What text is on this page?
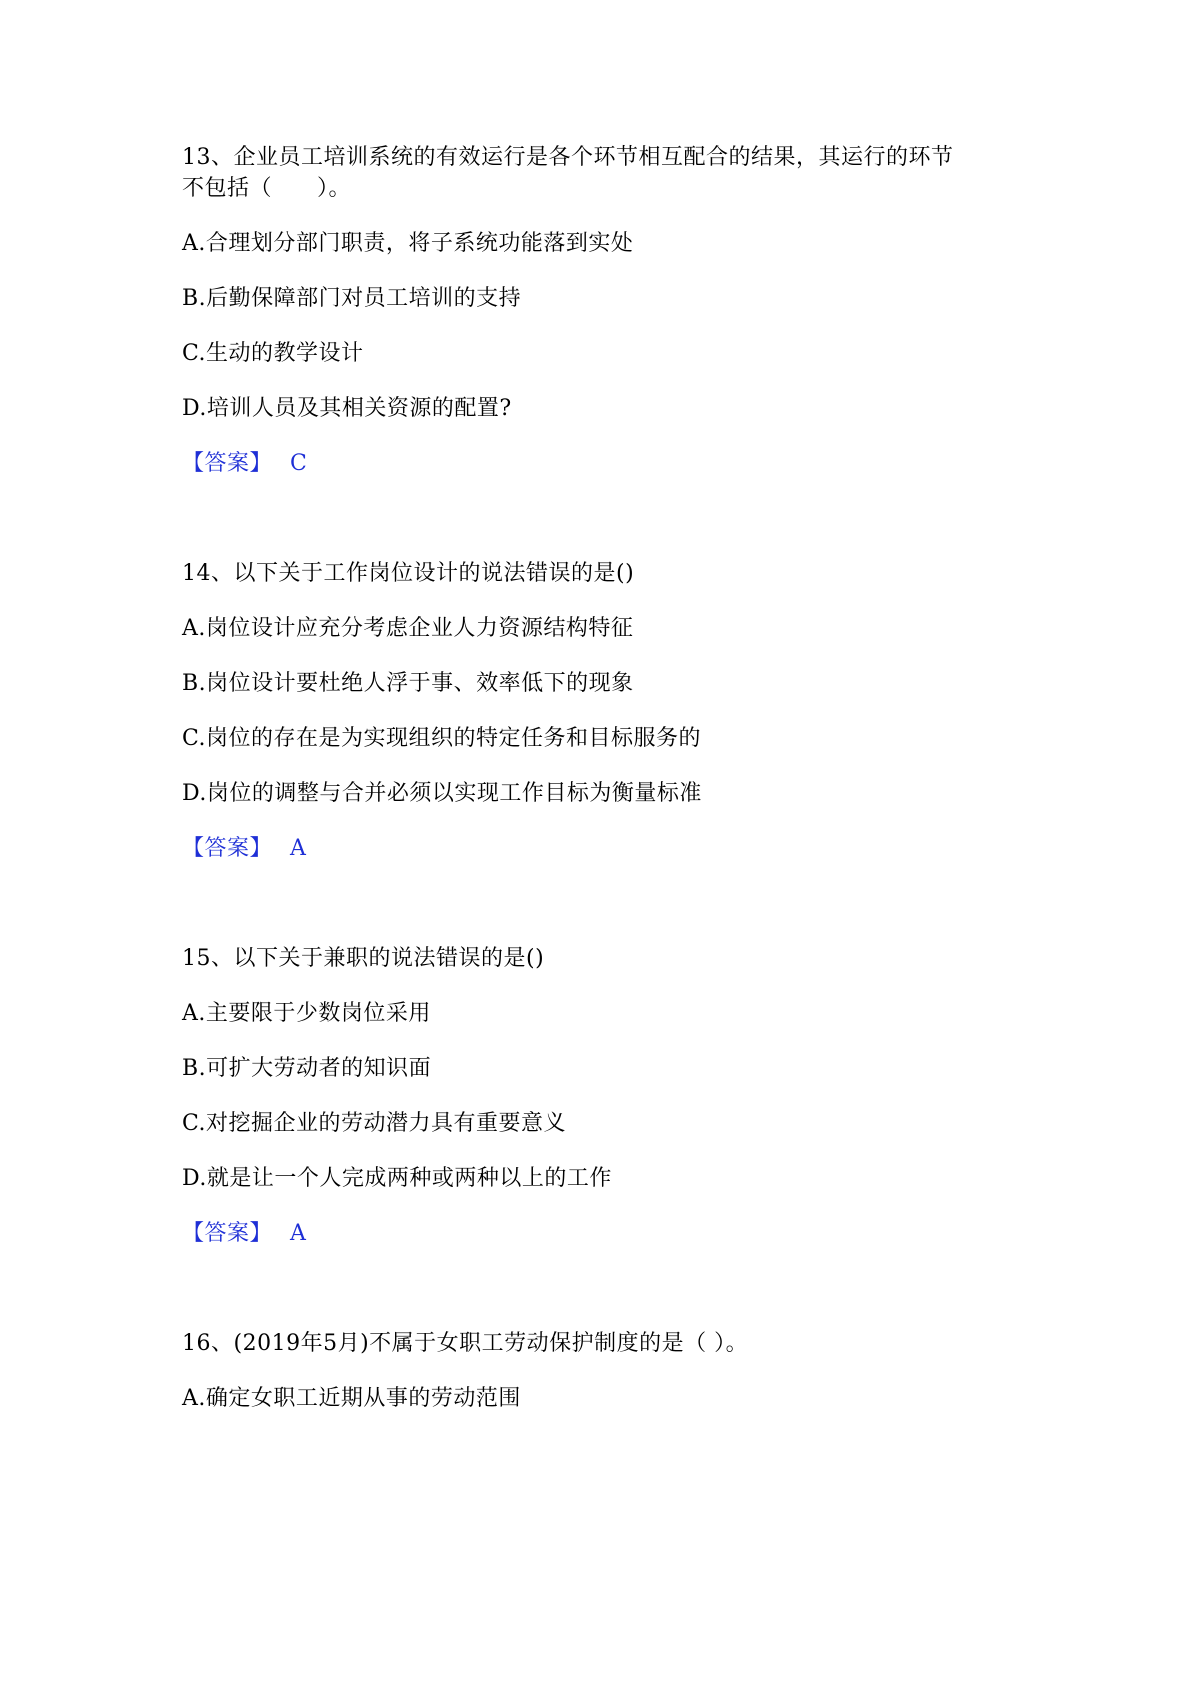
13、企业员工培训系统的有效运行是各个环节相互配合的结果，其运行的环节
不包括（　　）。
A.合理划分部门职责，将子系统功能落到实处
B.后勤保障部门对员工培训的支持
C.生动的教学设计
D.培训人员及其相关资源的配置?
【答案】 C
14、以下关于工作岗位设计的说法错误的是()
A.岗位设计应充分考虑企业人力资源结构特征
B.岗位设计要杜绝人浮于事、效率低下的现象
C.岗位的存在是为实现组织的特定任务和目标服务的
D.岗位的调整与合并必须以实现工作目标为衡量标准
【答案】 A
15、以下关于兼职的说法错误的是()
A.主要限于少数岗位采用
B.可扩大劳动者的知识面
C.对挖掘企业的劳动潜力具有重要意义
D.就是让一个人完成两种或两种以上的工作
【答案】 A
16、(2019年5月)不属于女职工劳动保护制度的是（ ）。
A.确定女职工近期从事的劳动范围
